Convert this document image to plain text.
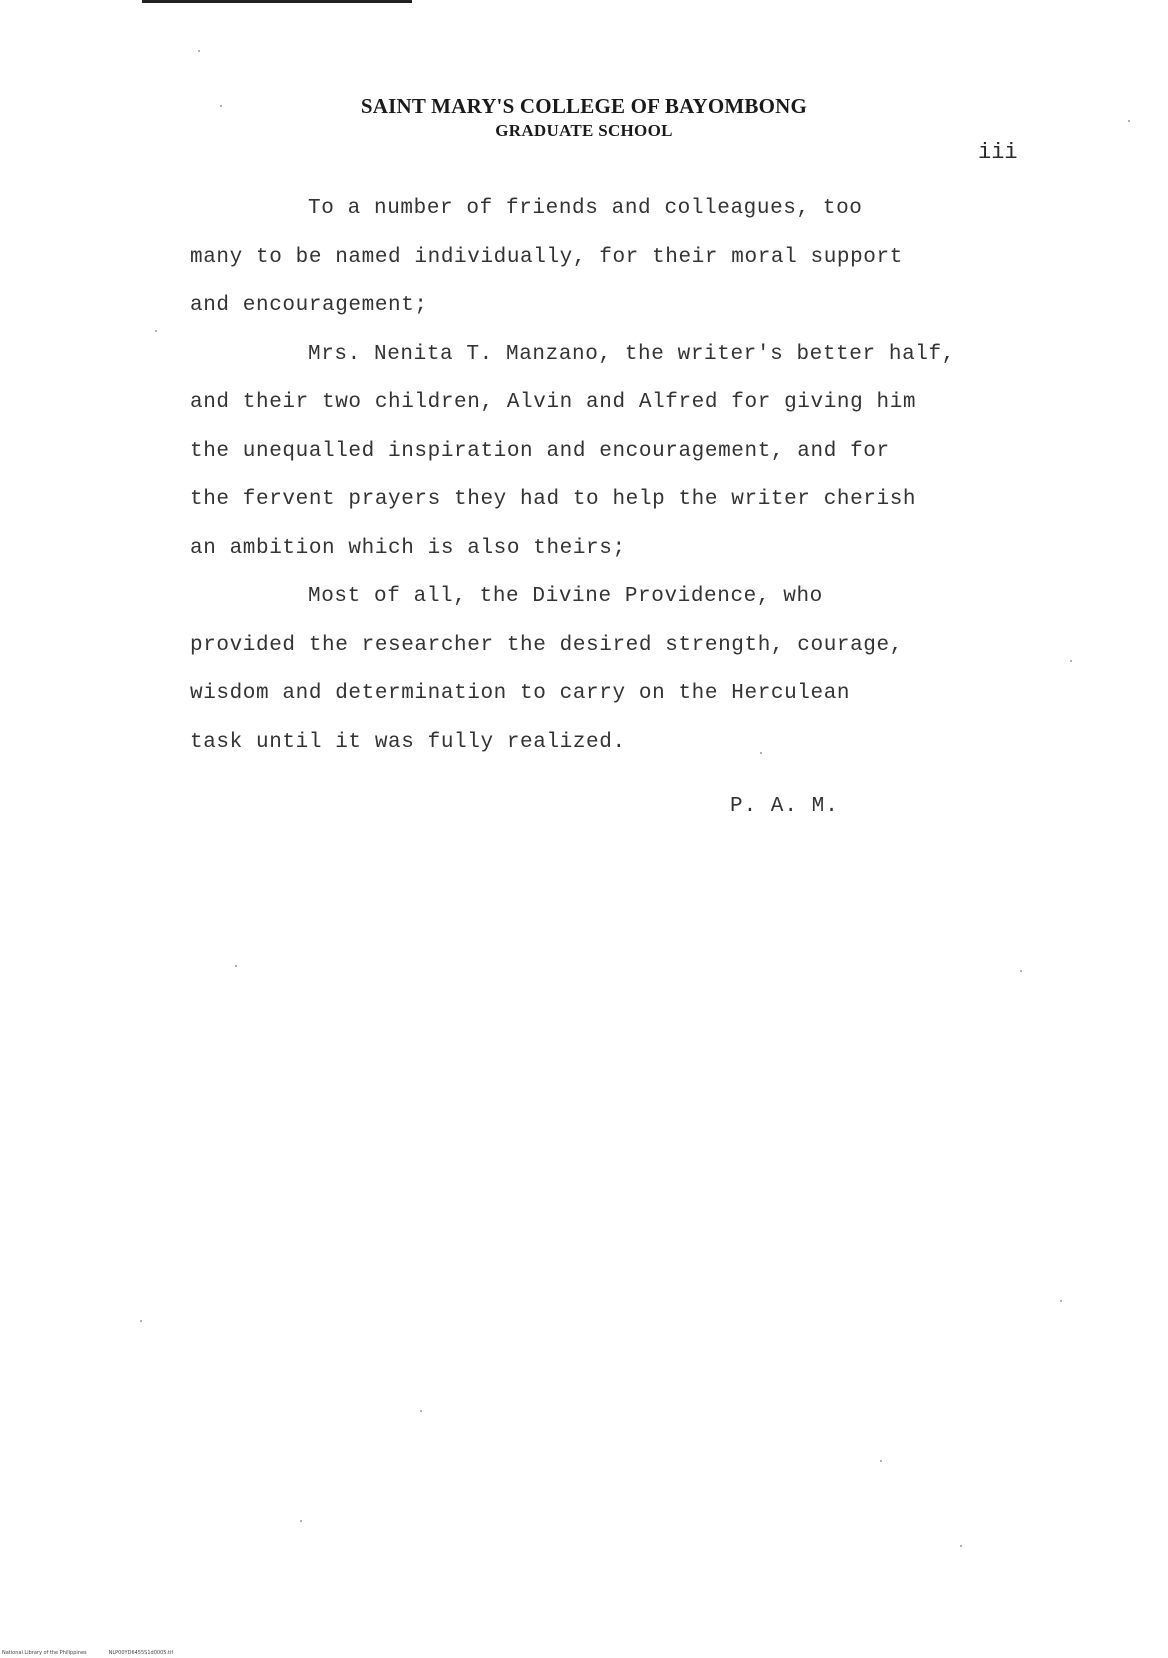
SAINT MARY'S COLLEGE OF BAYOMBONG
GRADUATE SCHOOL
iii

To a number of friends and colleagues, too
many to be named individually, for their moral support
and encouragement;

Mrs. Nenita T. Manzano, the writer's better half,
and their two children, Alvin and Alfred for giving him
the unequalled inspiration and encouragement, and for
the fervent prayers they had to help the writer cherish
an ambition which is also theirs;

Most of all, the Divine Providence, who
provided the researcher the desired strength, courage,
wisdom and determination to carry on the Herculean
task until it was fully realized.

P. A. M.
National Library of the Philippines	NLP00YD6455S1d0005.tif
